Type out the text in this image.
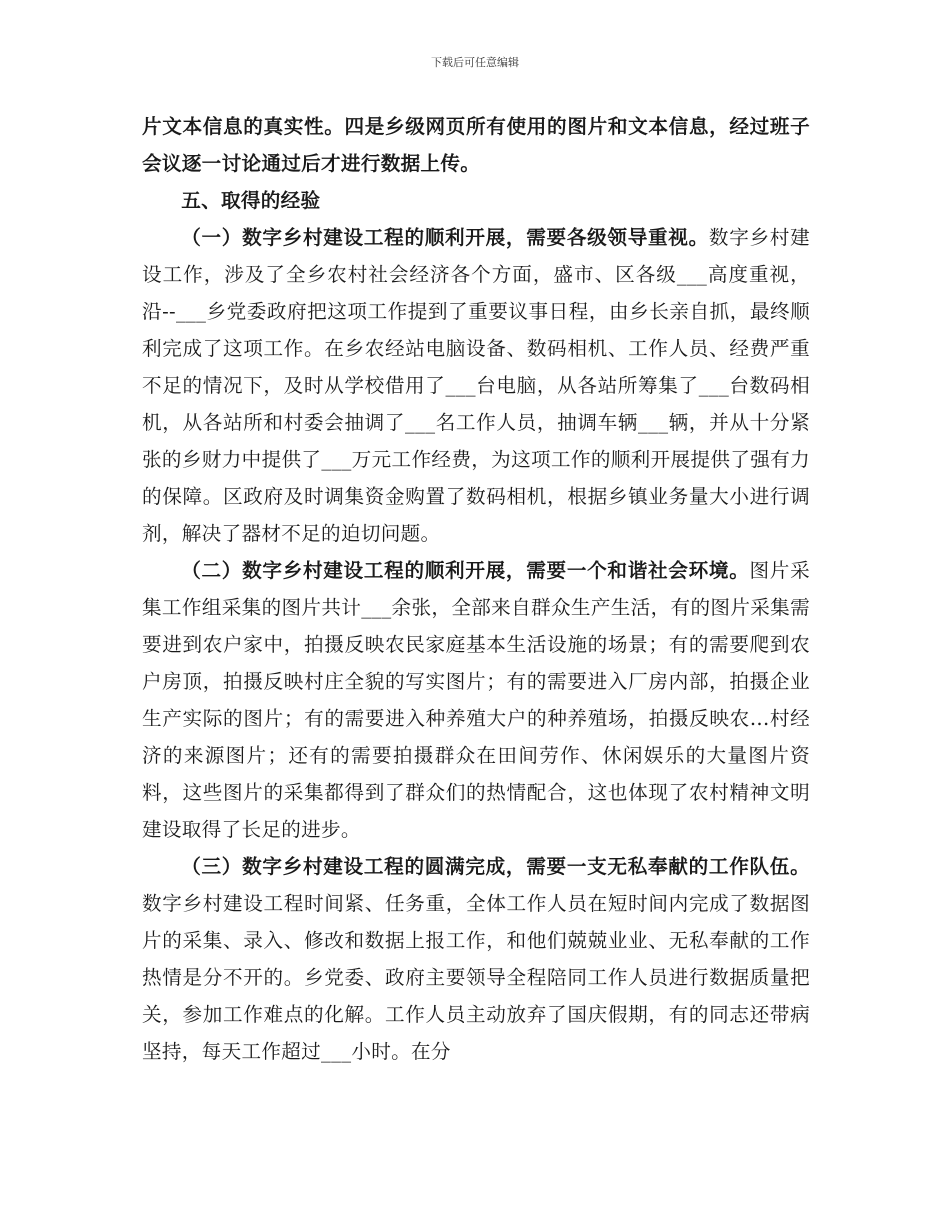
下载后可任意编辑

片文本信息的真实性。四是乡级网页所有使用的图片和文本信息，经过班子会议逐一讨论通过后才进行数据上传。

五、取得的经验

（一）数字乡村建设工程的顺利开展，需要各级领导重视。数字乡村建设工作，涉及了全乡农村社会经济各个方面，盛市、区各级___高度重视，沿--___乡党委政府把这项工作提到了重要议事日程，由乡长亲自抓，最终顺利完成了这项工作。在乡农经站电脑设备、数码相机、工作人员、经费严重不足的情况下，及时从学校借用了___台电脑，从各站所筹集了___台数码相机，从各站所和村委会抽调了___名工作人员，抽调车辆___辆，并从十分紧张的乡财力中提供了___万元工作经费，为这项工作的顺利开展提供了强有力的保障。区政府及时调集资金购置了数码相机，根据乡镇业务量大小进行调剂，解决了器材不足的迫切问题。

（二）数字乡村建设工程的顺利开展，需要一个和谐社会环境。图片采集工作组采集的图片共计___余张，全部来自群众生产生活，有的图片采集需要进到农户家中，拍摄反映农民家庭基本生活设施的场景；有的需要爬到农户房顶，拍摄反映村庄全貌的写实图片；有的需要进入厂房内部，拍摄企业生产实际的图片；有的需要进入种养殖大户的种养殖场，拍摄反映农...村经济的来源图片；还有的需要拍摄群众在田间劳作、休闲娱乐的大量图片资料，这些图片的采集都得到了群众们的热情配合，这也体现了农村精神文明建设取得了长足的进步。

（三）数字乡村建设工程的圆满完成，需要一支无私奉献的工作队伍。数字乡村建设工程时间紧、任务重，全体工作人员在短时间内完成了数据图片的采集、录入、修改和数据上报工作，和他们兢兢业业、无私奉献的工作热情是分不开的。乡党委、政府主要领导全程陪同工作人员进行数据质量把关，参加工作难点的化解。工作人员主动放弃了国庆假期，有的同志还带病坚持，每天工作超过___小时。在分
